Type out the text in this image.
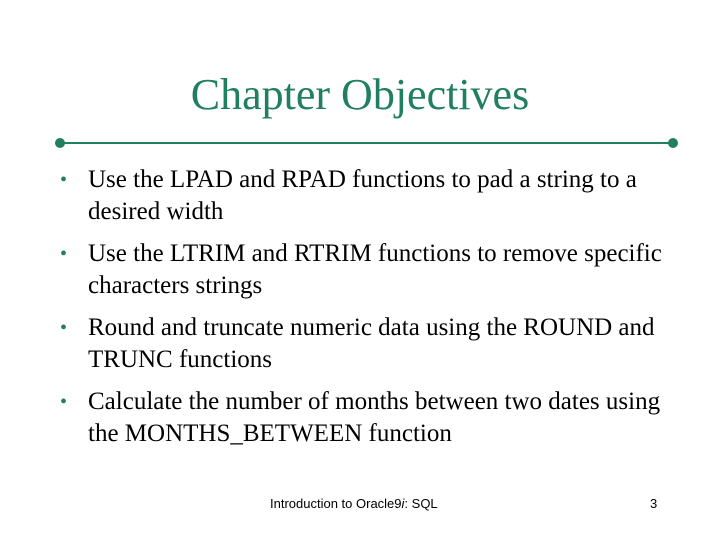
Chapter Objectives
• Use the LPAD and RPAD functions to pad a string to a desired width
• Use the LTRIM and RTRIM functions to remove specific characters strings
• Round and truncate numeric data using the ROUND and TRUNC functions
• Calculate the number of months between two dates using the MONTHS_BETWEEN function
Introduction to Oracle9i: SQL	3
